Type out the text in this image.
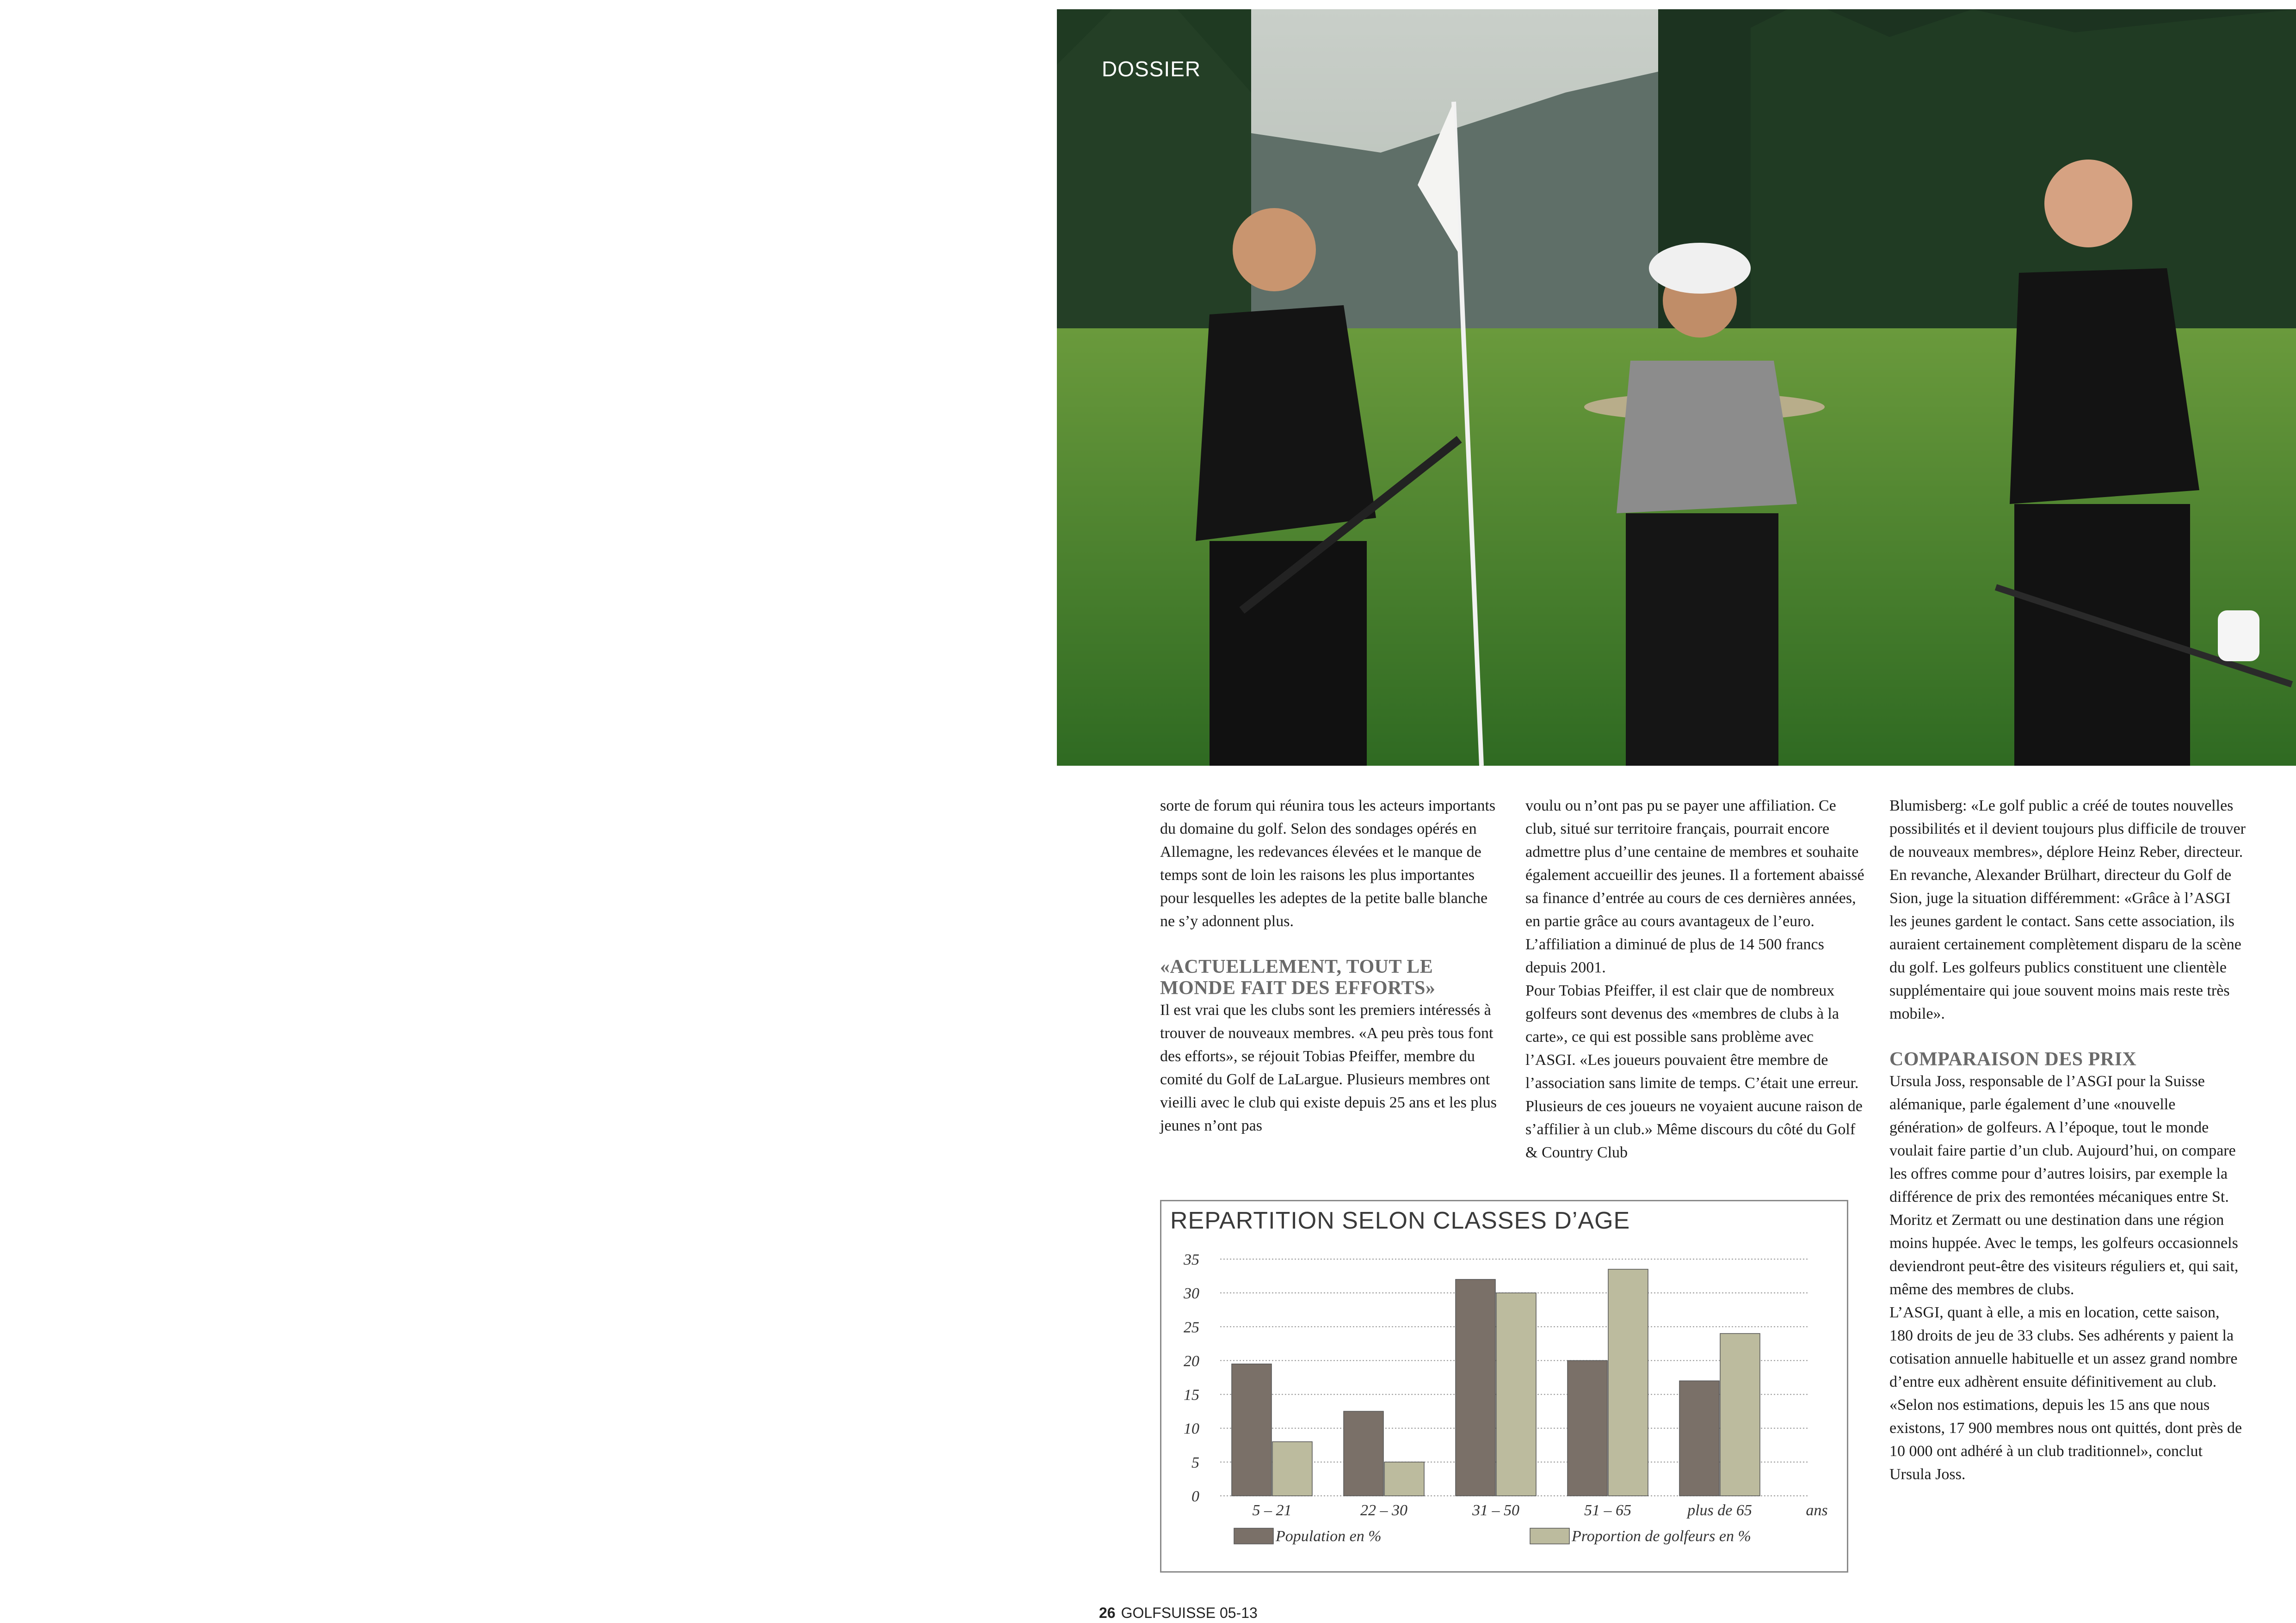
DOSSIER

sorte de forum qui réunira tous les acteurs importants du domaine du golf. Selon des sondages opérés en Allemagne, les redevances élevées et le manque de temps sont de loin les raisons les plus importantes pour lesquelles les adeptes de la petite balle blanche ne s’y adonnent plus.

«ACTUELLEMENT, TOUT LE MONDE FAIT DES EFFORTS»

Il est vrai que les clubs sont les premiers intéressés à trouver de nouveaux membres. «A peu près tous font des efforts», se réjouit Tobias Pfeiffer, membre du comité du Golf de LaLargue. Plusieurs membres ont vieilli avec le club qui existe depuis 25 ans et les plus jeunes n’ont pas

voulu ou n’ont pas pu se payer une affiliation. Ce club, situé sur territoire français, pourrait encore admettre plus d’une centaine de membres et souhaite également accueillir des jeunes. Il a fortement abaissé sa finance d’entrée au cours de ces dernières années, en partie grâce au cours avantageux de l’euro. L’affiliation a diminué de plus de 14 500 francs depuis 2001.

Pour Tobias Pfeiffer, il est clair que de nombreux golfeurs sont devenus des «membres de clubs à la carte», ce qui est possible sans problème avec l’ASGI. «Les joueurs pouvaient être membre de l’association sans limite de temps. C’était une erreur. Plusieurs de ces joueurs ne voyaient aucune raison de s’affilier à un club.» Même discours du côté du Golf & Country Club

Blumisberg: «Le golf public a créé de toutes nouvelles possibilités et il devient toujours plus difficile de trouver de nouveaux membres», déplore Heinz Reber, directeur. En revanche, Alexander Brülhart, directeur du Golf de Sion, juge la situation différemment: «Grâce à l’ASGI les jeunes gardent le contact. Sans cette association, ils auraient certainement complètement disparu de la scène du golf. Les golfeurs publics constituent une clientèle supplémentaire qui joue souvent moins mais reste très mobile».

COMPARAISON DES PRIX

Ursula Joss, responsable de l’ASGI pour la Suisse alémanique, parle également d’une «nouvelle génération» de golfeurs. A l’époque, tout le monde voulait faire partie d’un club. Aujourd’hui, on compare les offres comme pour d’autres loisirs, par exemple la différence de prix des remontées mécaniques entre St. Moritz et Zermatt ou une destination dans une région moins huppée. Avec le temps, les golfeurs occasionnels deviendront peut-être des visiteurs réguliers et, qui sait, même des membres de clubs.

L’ASGI, quant à elle, a mis en location, cette saison, 180 droits de jeu de 33 clubs. Ses adhérents y paient la cotisation annuelle habituelle et un assez grand nombre d’entre eux adhèrent ensuite définitivement au club. «Selon nos estimations, depuis les 15 ans que nous existons, 17 900 membres nous ont quittés, dont près de 10 000 ont adhéré à un club traditionnel», conclut Ursula Joss.

REPARTITION SELON CLASSES D’AGE
35
30
25
20
15
10
5
0
5 – 21	22 – 30	31 – 50	51 – 65	plus de 65	ans
Population en %	Proportion de golfeurs en %
26 GOLFSUISSE 05-13
